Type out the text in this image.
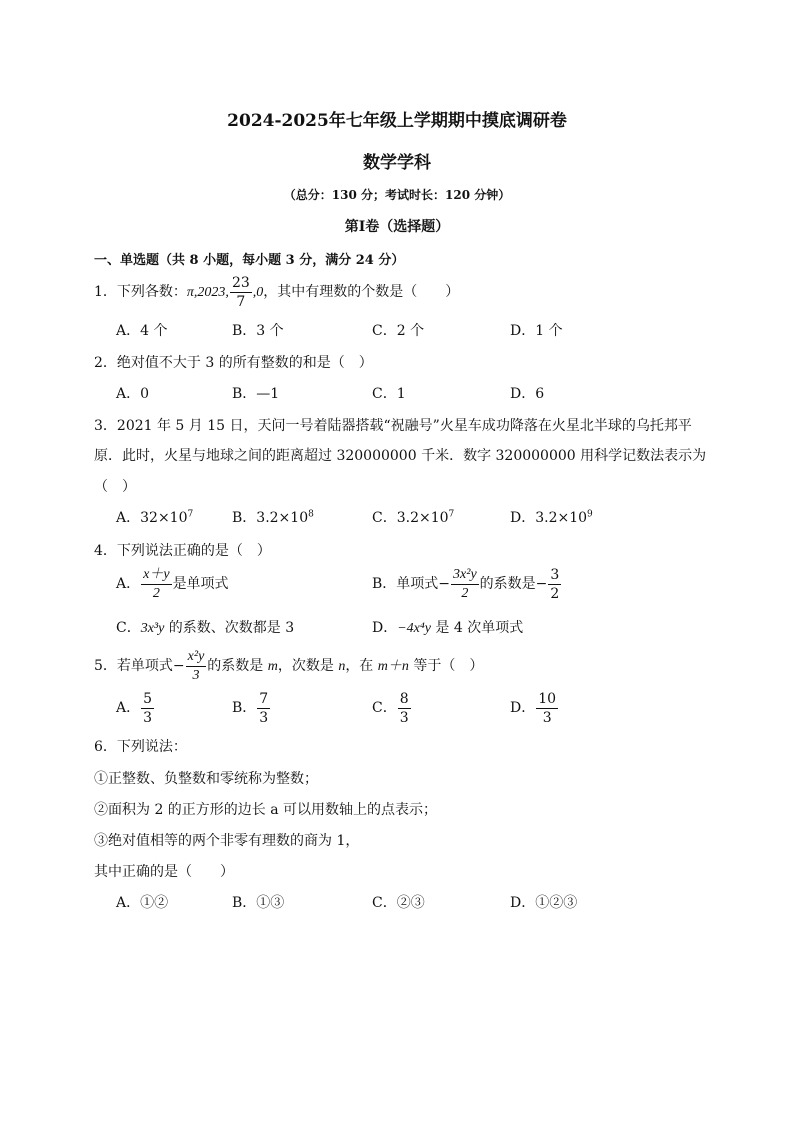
2024-2025年七年级上学期期中摸底调研卷
数学学科
（总分：130 分；考试时长：120 分钟）
第Ⅰ卷（选择题）
一、单选题（共 8 小题，每小题 3 分，满分 24 分）
1．下列各数：π,2023, $\frac{23}{7} ,0$，其中有理数的个数是（　　）
A．4 个	B．3 个	C．2 个	D．1 个
2．绝对值不大于 3 的所有整数的和是（　）
A．0	B．—1	C．1	D．6
3．2021 年 5 月 15 日，天问一号着陆器搭载“祝融号”火星车成功降落在火星北半球的乌托邦平
原．此时，火星与地球之间的距离超过 320000000 千米．数字 320000000 用科学记数法表示为
（　）
A．$32\times 10^7$	B．$3.2\times 10^8$	C．$3.2\times 10^7$	D．$3.2\times 10^9$
4．下列说法正确的是（　）
A． $\frac{x+y}{2}$ 是单项式	B．单项式− $\frac{\text{3x²y}}{2}$ 的系数是− $\frac{3}{2}$
C．3x³y 的系数、次数都是 3	D．−4x⁴y 是 4 次单项式
5．若单项式− $\frac{\text{x²y}}{3}$ 的系数是 m，次数是 n，在 m＋n 等于（　）
A． $\frac{5}{3}$	B． $\frac{7}{3}$	C． $\frac{8}{3}$	D． $\frac{10}{3}$
6．下列说法：
①正整数、负整数和零统称为整数；
②面积为 2 的正方形的边长 a 可以用数轴上的点表示；
③绝对值相等的两个非零有理数的商为 1，
其中正确的是（　　）
A．①②	B．①③	C．②③	D．①②③
